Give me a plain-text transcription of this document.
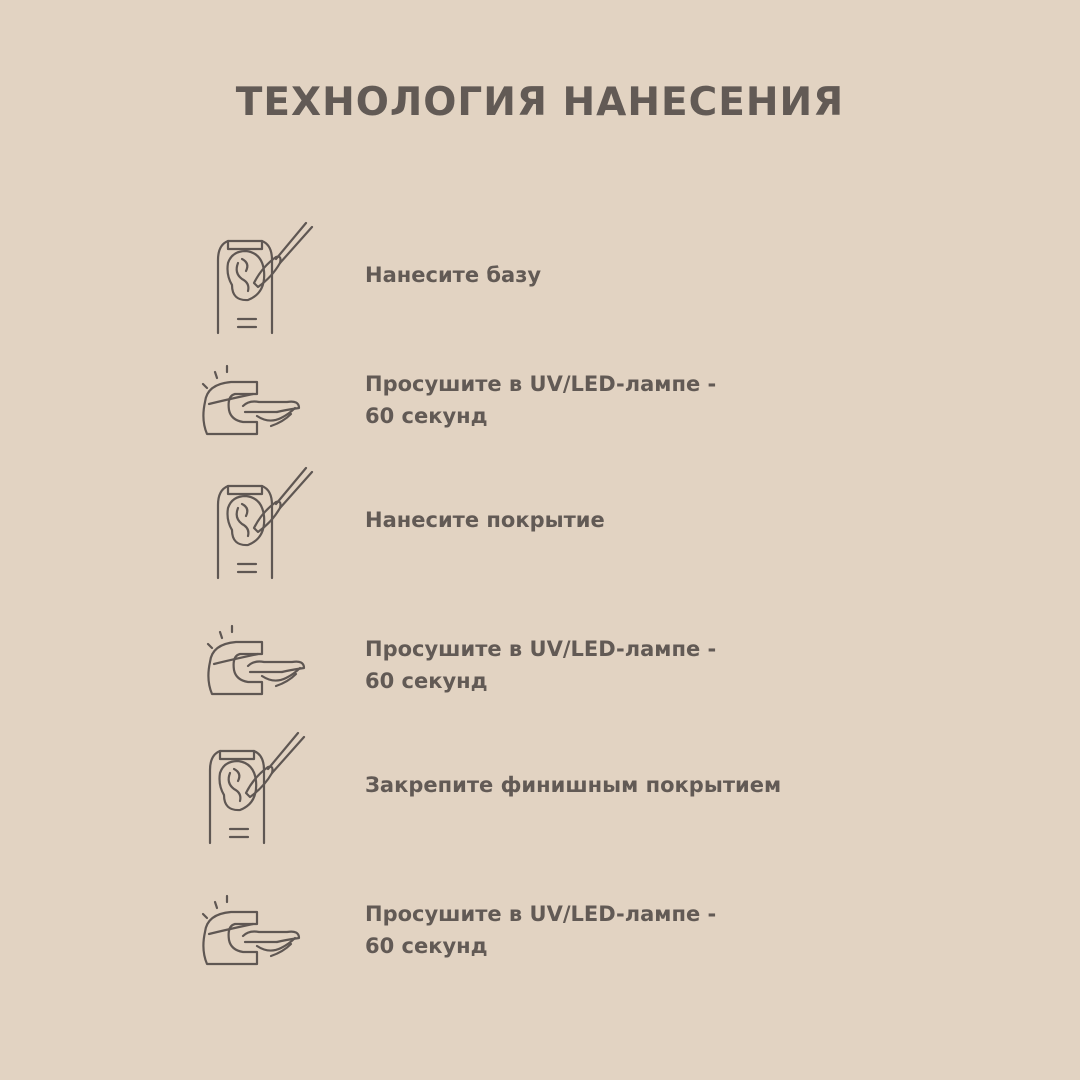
ТЕХНОЛОГИЯ НАНЕСЕНИЯ
Нанесите базу
Просушите в UV/LED-лампе -
60 секунд
Нанесите покрытие
Просушите в UV/LED-лампе -
60 секунд
Закрепите финишным покрытием
Просушите в UV/LED-лампе -
60 секунд
